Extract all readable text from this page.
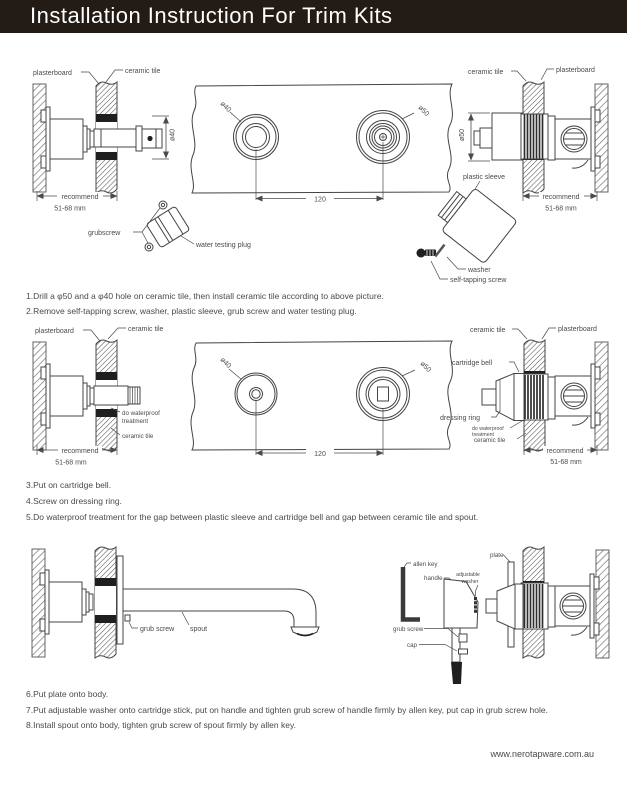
Installation Instruction For Trim Kits
ø40
plasterboard	ceramic tile
recommend
51-68 mm
grubscrew
water testing plug
ø40	ø50
120
ø50
ceramic tile	plasterboard
plastic sleeve
recommend
51-68 mm
washer
self-tapping screw

1.Drill a φ50 and a φ40 hole on ceramic tile, then install ceramic tile according to above picture.

2.Remove self-tapping screw, washer, plastic sleeve, grub screw and water testing plug.

plasterboard	ceramic tile
do waterproof
treatment
ceramic tile
recommend
51-68 mm
ø40	ø50
120
ceramic tile	plasterboard
cartridge bell
dressing ring
do waterproof
treatment
ceramic tile
recommend
51-68 mm

3.Put on cartridge bell.

4.Screw on dressing ring.

5.Do waterproof treatment for the gap between plastic sleeve and cartridge bell and gap between ceramic tile and spout.

grub screw spout
allen key
handle
grub screw
cap
adjustable
washer
plate

6.Put plate onto body.

7.Put adjustable washer onto cartridge stick, put on handle and tighten grub screw of handle firmly by allen key, put cap in grub screw hole.

8.Install spout onto body, tighten grub screw of spout firmly by allen key.

www.nerotapware.com.au
